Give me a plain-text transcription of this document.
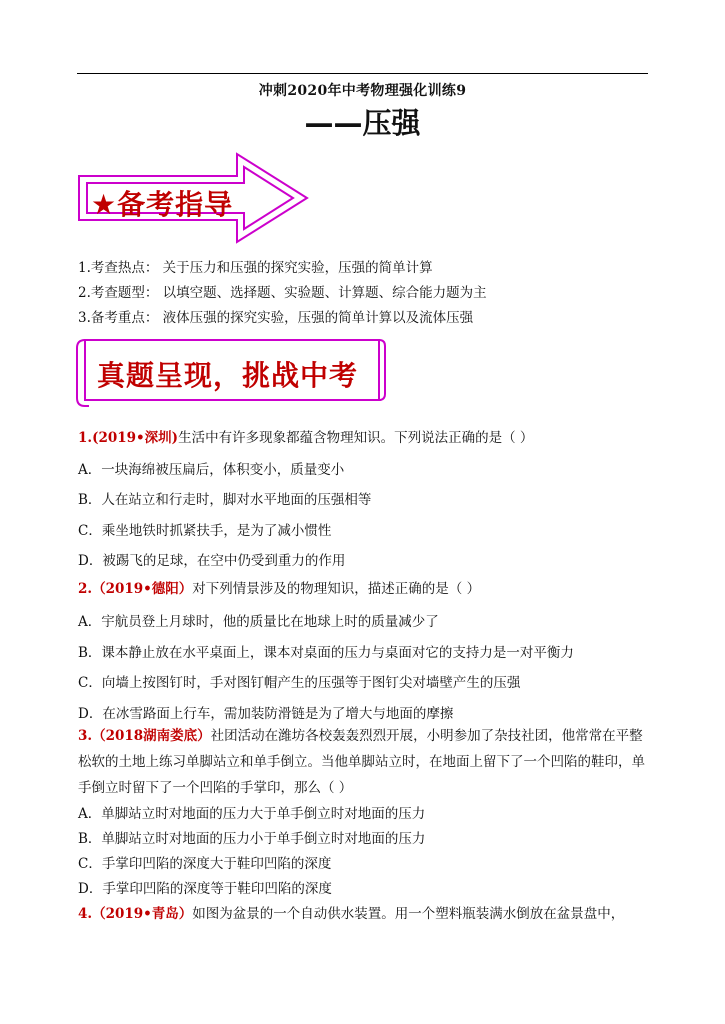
冲刺2020年中考物理强化训练9
——压强
★备考指导
1.考查热点： 关于压力和压强的探究实验，压强的简单计算
2.考查题型： 以填空题、选择题、实验题、计算题、综合能力题为主
3.备考重点： 液体压强的探究实验，压强的简单计算以及流体压强
真题呈现，挑战中考
1.(2019•深圳)生活中有许多现象都蕴含物理知识。下列说法正确的是（ ）
A．一块海绵被压扁后，体积变小，质量变小
B．人在站立和行走时，脚对水平地面的压强相等
C．乘坐地铁时抓紧扶手，是为了减小惯性
D．被踢飞的足球，在空中仍受到重力的作用
2.（2019•德阳）对下列情景涉及的物理知识，描述正确的是（ ）
A．宇航员登上月球时，他的质量比在地球上时的质量减少了
B．课本静止放在水平桌面上，课本对桌面的压力与桌面对它的支持力是一对平衡力
C．向墙上按图钉时，手对图钉帽产生的压强等于图钉尖对墙壁产生的压强
D．在冰雪路面上行车，需加装防滑链是为了增大与地面的摩擦
3.（2018湖南娄底）社团活动在潍坊各校轰轰烈烈开展，小明参加了杂技社团，他常常在平整松软的土地上练习单脚站立和单手倒立。当他单脚站立时，在地面上留下了一个凹陷的鞋印，单手倒立时留下了一个凹陷的手掌印，那么（ ）
A．单脚站立时对地面的压力大于单手倒立时对地面的压力
B．单脚站立时对地面的压力小于单手倒立时对地面的压力
C．手掌印凹陷的深度大于鞋印凹陷的深度
D．手掌印凹陷的深度等于鞋印凹陷的深度
4.（2019•青岛）如图为盆景的一个自动供水装置。用一个塑料瓶装满水倒放在盆景盘中，
